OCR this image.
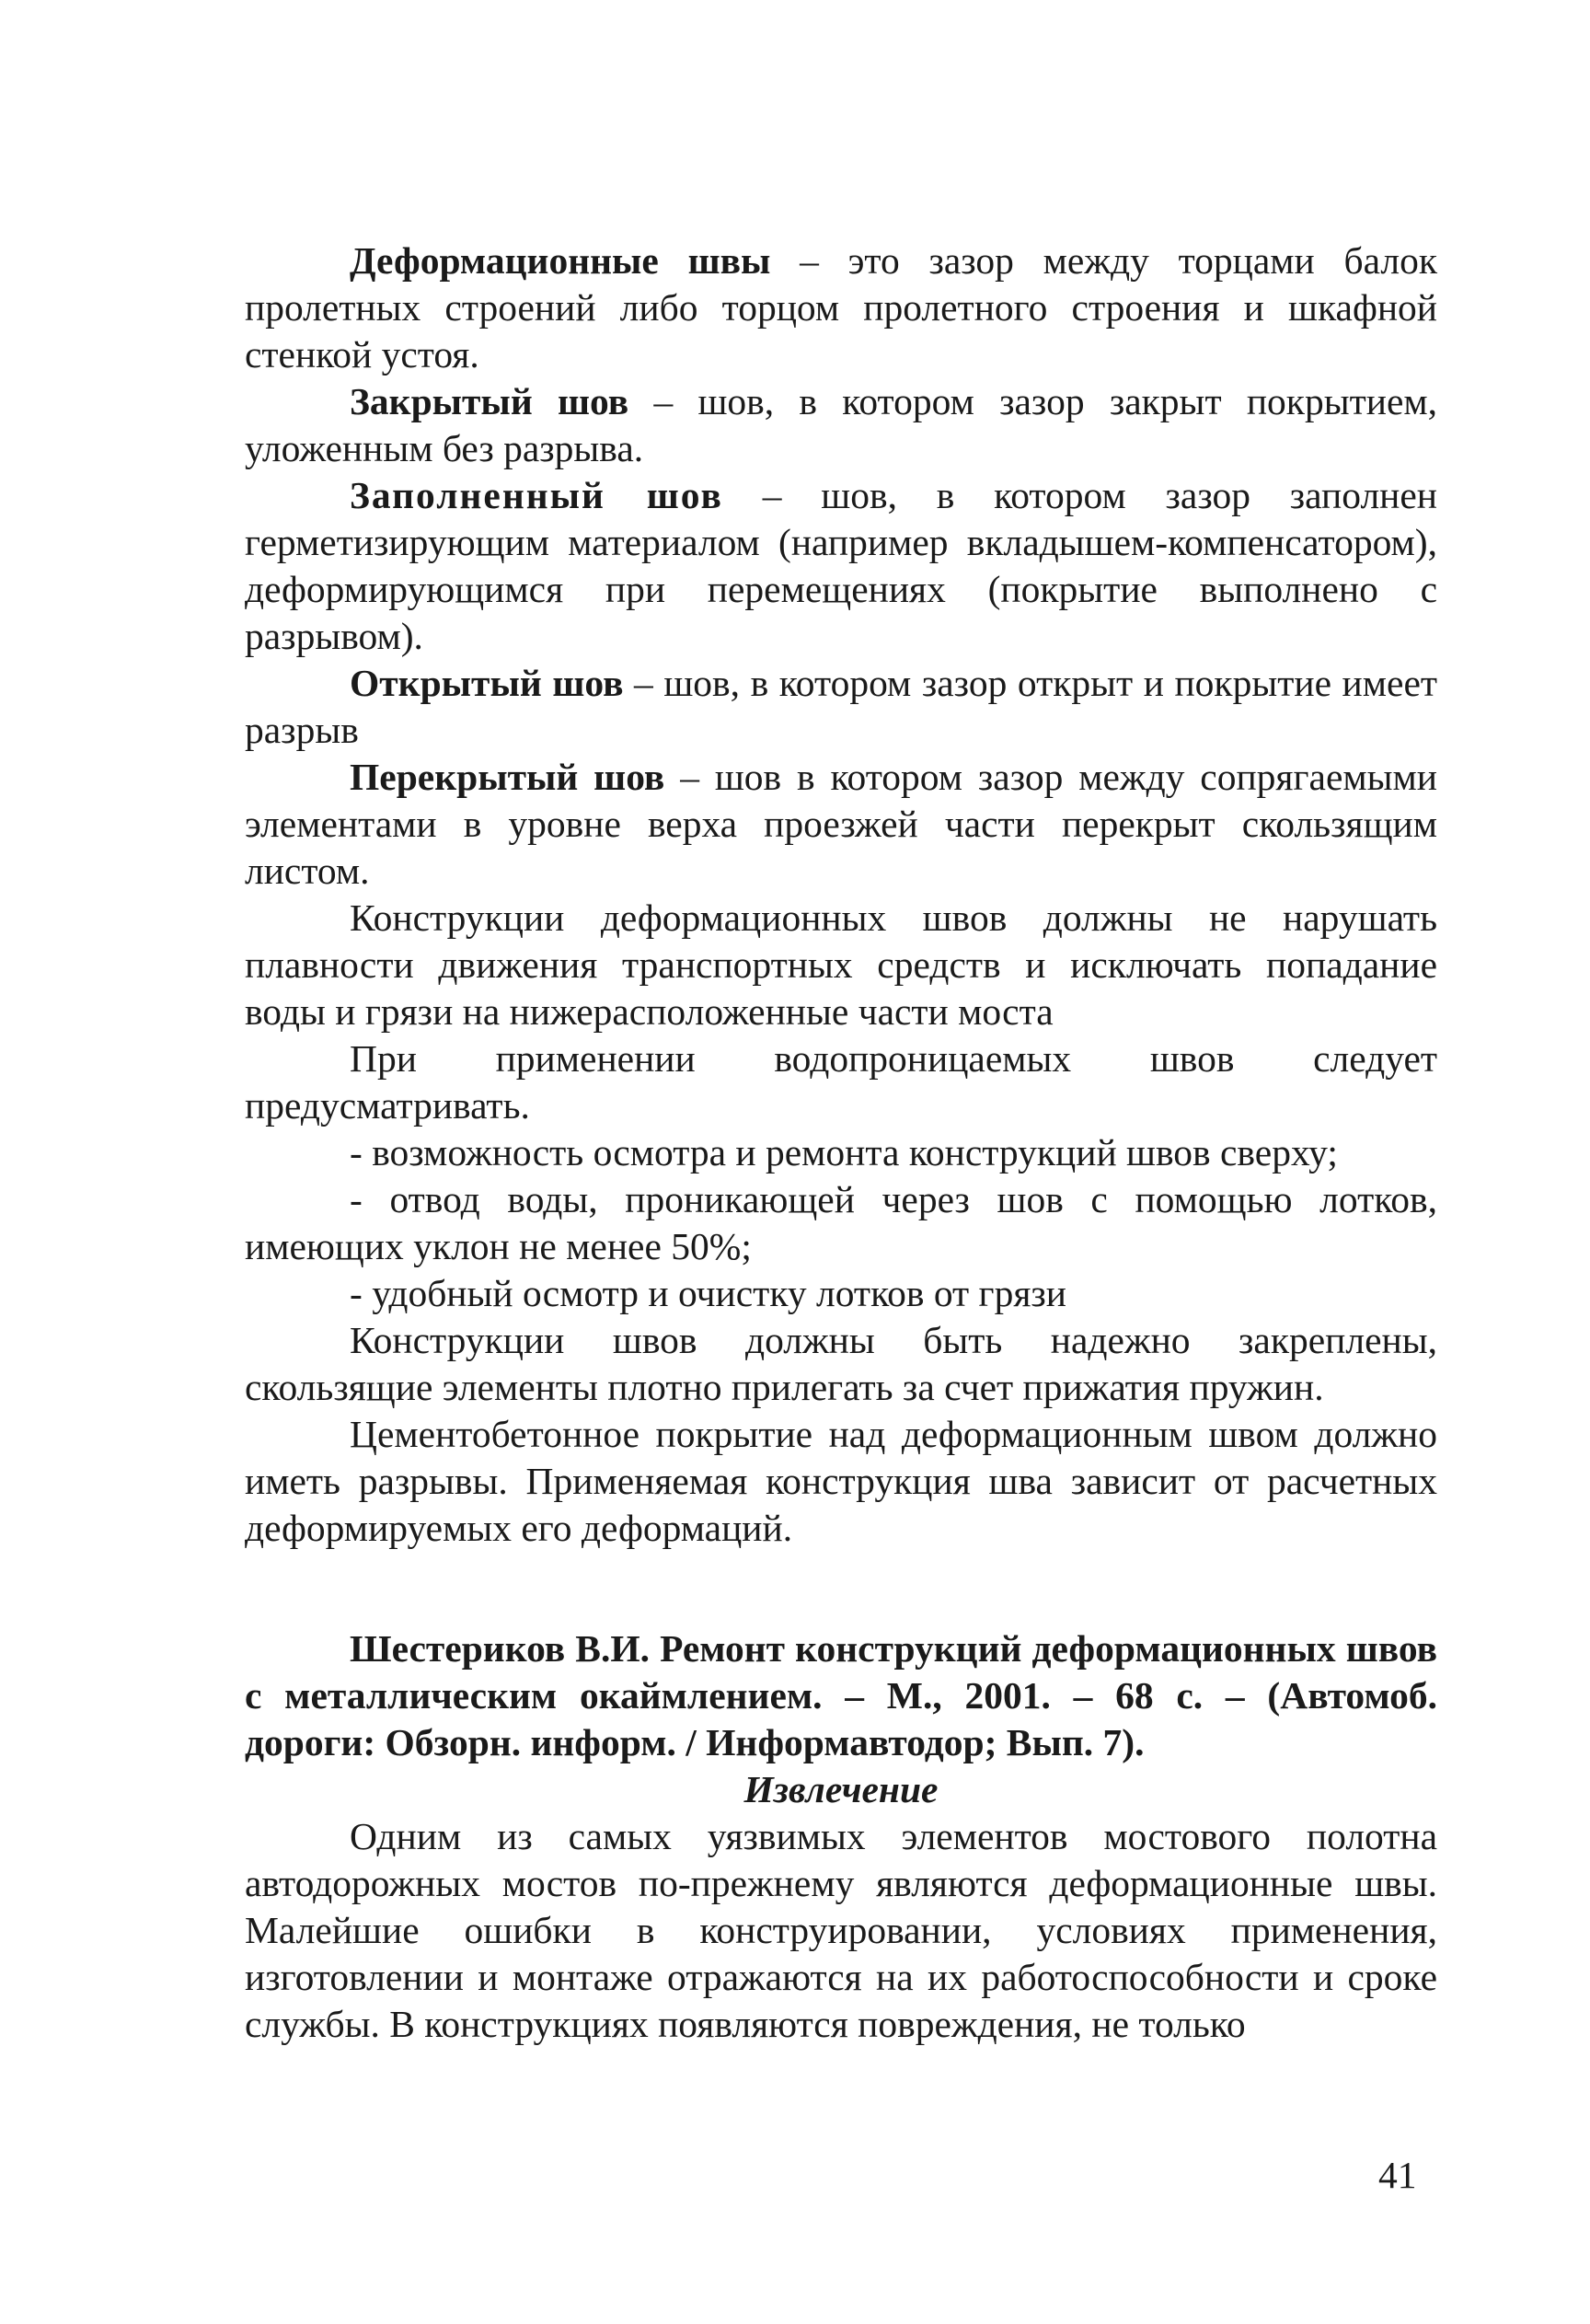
Деформационные швы – это зазор между торцами балок пролетных строений либо торцом пролетного строения и шкафной стенкой устоя.

Закрытый шов – шов, в котором зазор закрыт покрытием, уложенным без разрыва.

Заполненный шов – шов, в котором зазор заполнен герметизирующим материалом (например вкладышем-компенсатором), деформирующимся при перемещениях (покрытие выполнено с разрывом).

Открытый шов – шов, в котором зазор открыт и покрытие имеет разрыв

Перекрытый шов – шов в котором зазор между сопрягаемыми элементами в уровне верха проезжей части перекрыт скользящим листом.

Конструкции деформационных швов должны не нарушать плавности движения транспортных средств и исключать попадание воды и грязи на нижерасположенные части моста

При применении водопроницаемых швов следует предусматривать.

- возможность осмотра и ремонта конструкций швов сверху;

- отвод воды, проникающей через шов с помощью лотков, имеющих уклон не менее 50%;

- удобный осмотр и очистку лотков от грязи

Конструкции швов должны быть надежно закреплены, скользящие элементы плотно прилегать за счет прижатия пружин.

Цементобетонное покрытие над деформационным швом должно иметь разрывы. Применяемая конструкция шва зависит от расчетных деформируемых его деформаций.

Шестериков В.И. Ремонт конструкций деформационных швов с металлическим окаймлением. – М., 2001. – 68 с. – (Автомоб. дороги: Обзорн. информ. / Информавтодор; Вып. 7).

Извлечение

Одним из самых уязвимых элементов мостового полотна автодорожных мостов по-прежнему являются деформационные швы. Малейшие ошибки в конструировании, условиях применения, изготовлении и монтаже отражаются на их работоспособности и сроке службы. В конструкциях появляются повреждения, не только

41
